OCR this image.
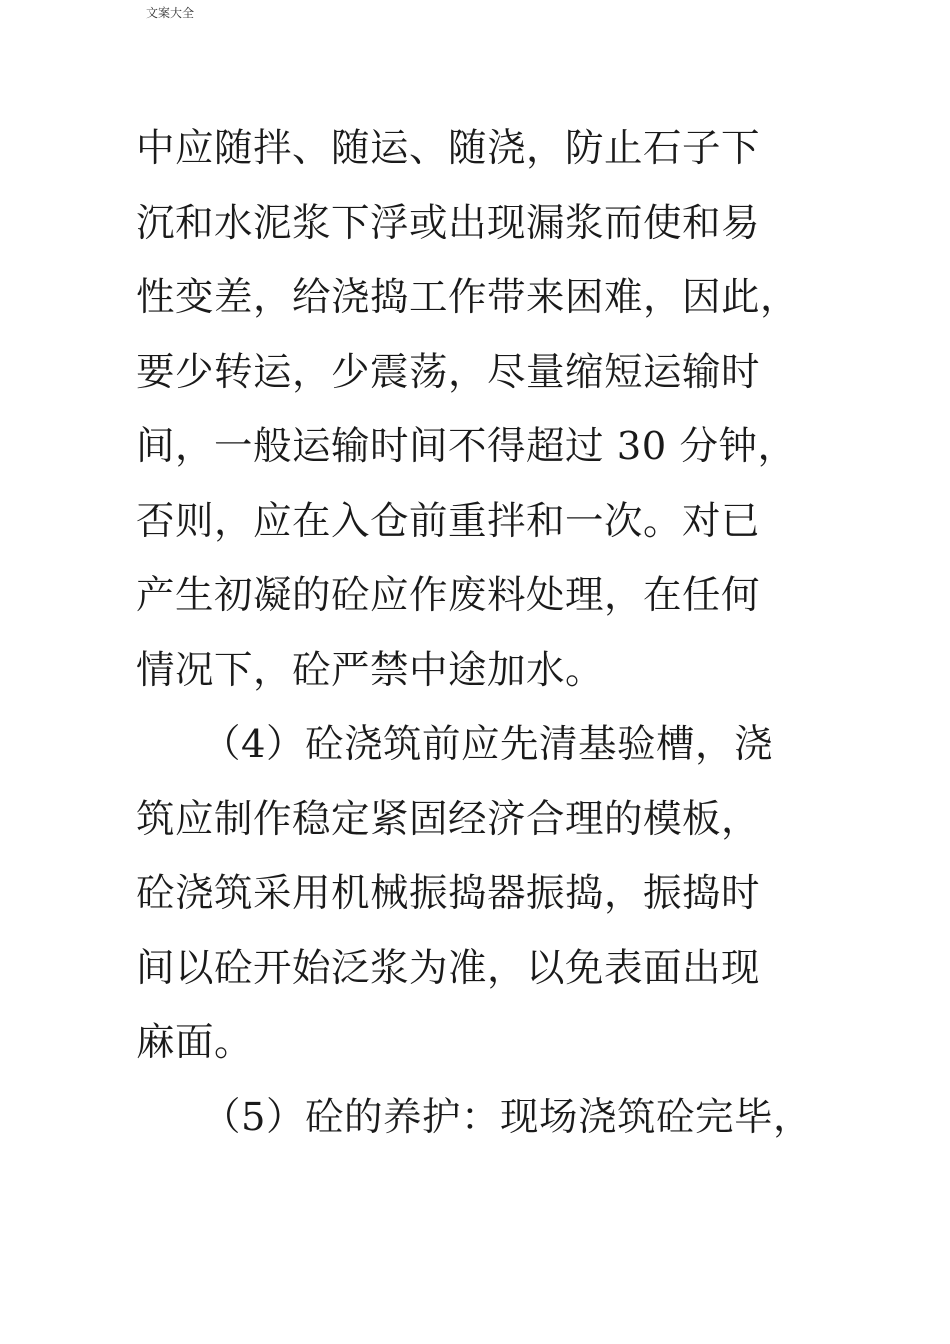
文案大全
中应随拌、随运、随浇，防止石子下
沉和水泥浆下浮或出现漏浆而使和易
性变差，给浇捣工作带来困难，因此，
要少转运，少震荡，尽量缩短运输时
间，一般运输时间不得超过 30 分钟，
否则，应在入仓前重拌和一次。对已
产生初凝的砼应作废料处理，在任何
情况下，砼严禁中途加水。
（4）砼浇筑前应先清基验槽，浇
筑应制作稳定紧固经济合理的模板，
砼浇筑采用机械振捣器振捣，振捣时
间以砼开始泛浆为准，以免表面出现
麻面。
（5）砼的养护：现场浇筑砼完毕，
